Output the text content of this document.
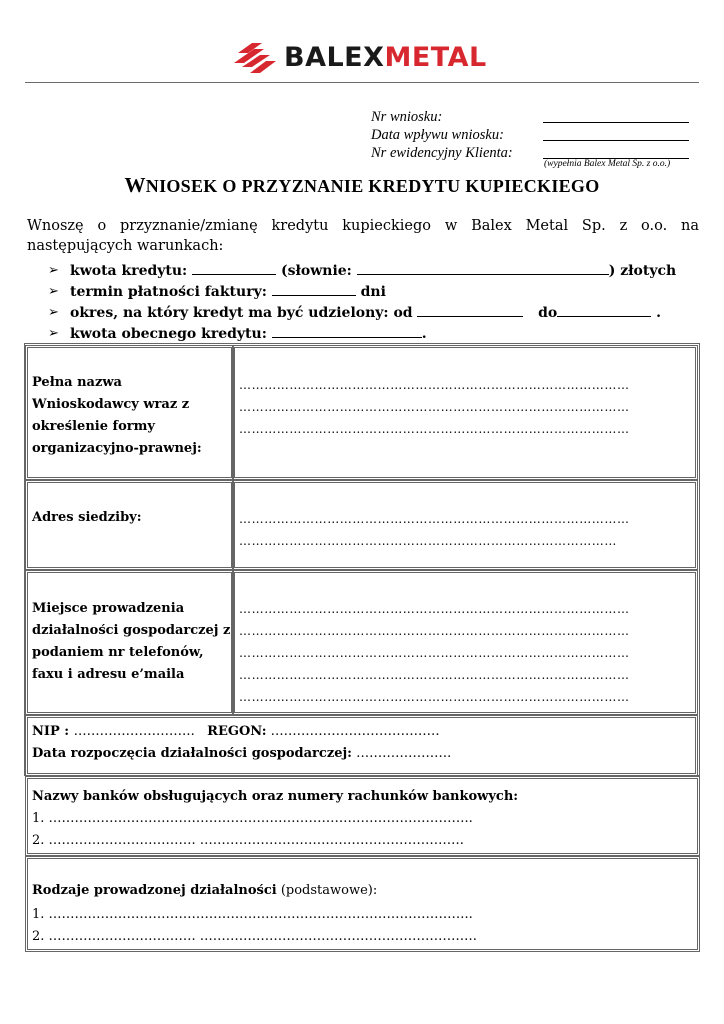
BALEXMETAL
Nr wniosku:
Data wpływu wniosku:
Nr ewidencyjny Klienta:
(wypełnia Balex Metal Sp. z o.o.)
WNIOSEK O PRZYZNANIE KREDYTU KUPIECKIEGO
Wnoszę o przyznanie/zmianę kredytu kupieckiego w Balex Metal Sp. z o.o. na następujących warunkach:
➢ kwota kredytu:	(słownie:	) złotych
➢ termin płatności faktury:	dni
➢ okres, na który kredyt ma być udzielony: od	do	.
➢ kwota obecnego kredytu:	.
Pełna nazwa Wnioskodawcy wraz z określenie formy organizacyjno-prawnej:
…………………………………………………………………………………
…………………………………………………………………………………
…………………………………………………………………………………
Adres siedziby:	…………………………………………………………………………………
………………………………………………………………………………
Miejsce prowadzenia działalności gospodarczej z podaniem nr telefonów, faxu i adresu e’maila
…………………………………………………………………………………
…………………………………………………………………………………
…………………………………………………………………………………
…………………………………………………………………………………
…………………………………………………………………………………
NIP : ………………………. REGON: …………………………………
Data rozpoczęcia działalności gospodarczej: ………………….
Nazwy banków obsługujących oraz numery rachunków bankowych:
1. ……………………………………………………………………………………..
2. ……………………………. …………………………………………………….
Rodzaje prowadzonej działalności (podstawowe):
1. ……………………………………………………………………………………..
2. ……………………………. ……………………………………………………….
